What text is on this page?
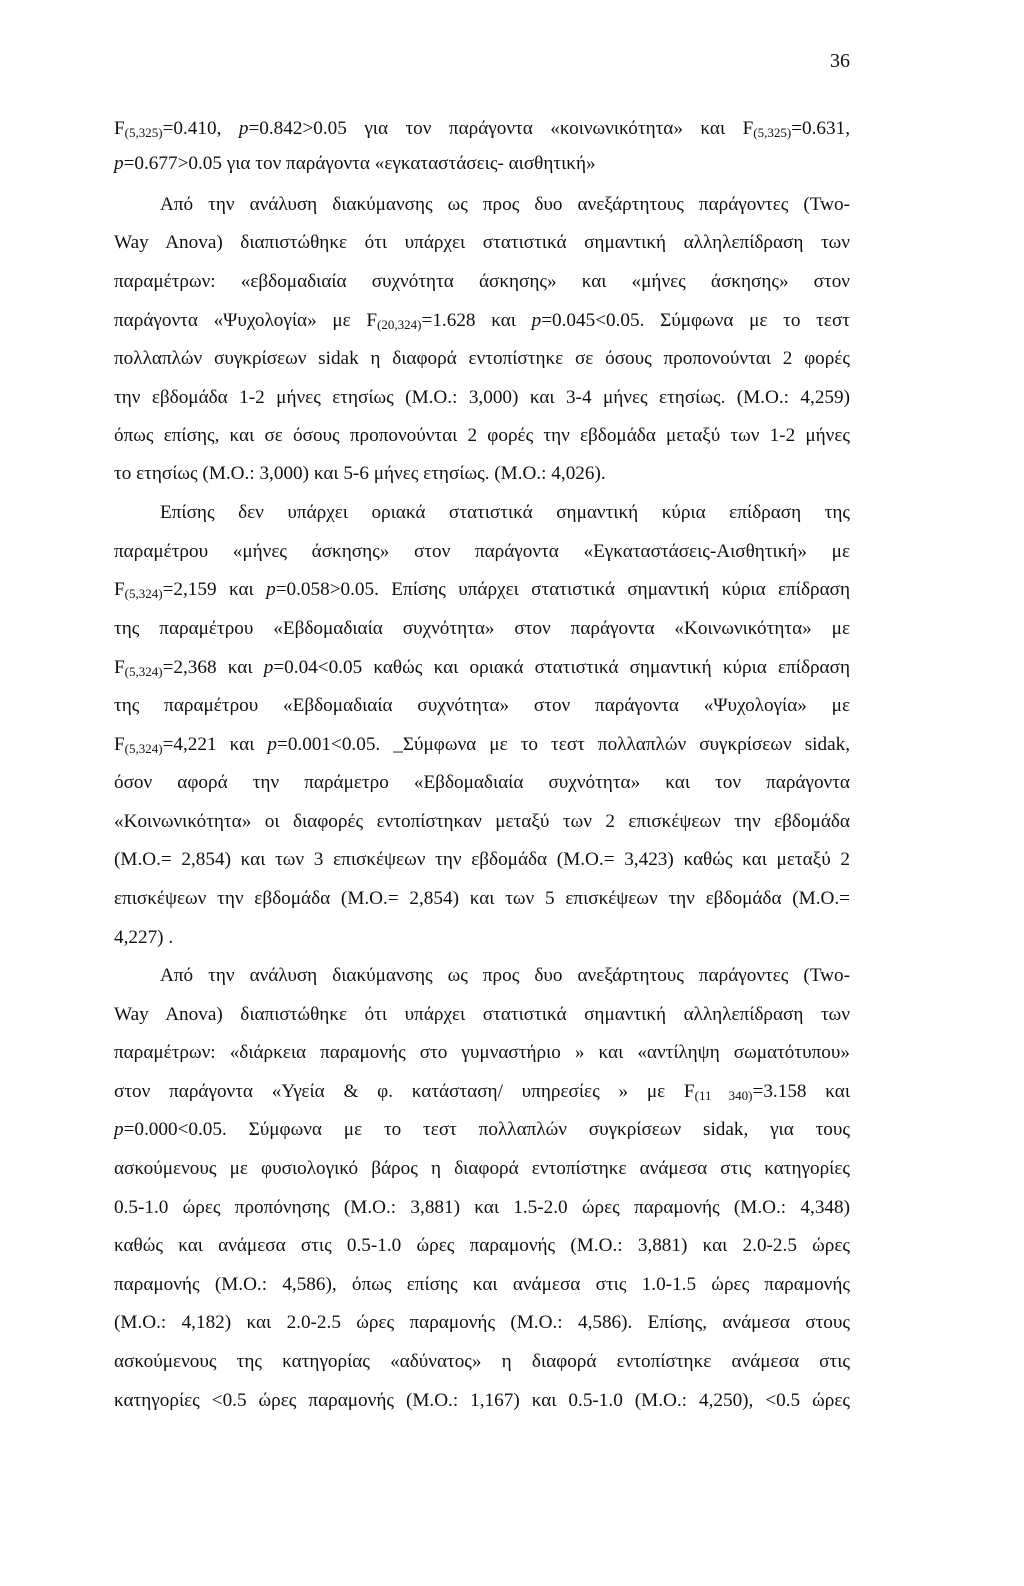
36
$F_{(5,325)}=0.410$, p=0.842>0.05 για τον παράγοντα «κοινωνικότητα» και $F_{(5,325)}=0.631$,
p=0.677>0.05 για τον παράγοντα «εγκαταστάσεις- αισθητική»
Από την ανάλυση διακύμανσης ως προς δυο ανεξάρτητους παράγοντες (Two-
Way Anova) διαπιστώθηκε ότι υπάρχει στατιστικά σημαντική αλληλεπίδραση των
παραμέτρων: «εβδομαδιαία συχνότητα άσκησης» και «μήνες άσκησης» στον
παράγοντα «Ψυχολογία» με $F_{(20,324)}=1.628$ και p=0.045<0.05. Σύμφωνα με το τεστ
πολλαπλών συγκρίσεων sidak η διαφορά εντοπίστηκε σε όσους προπονούνται 2 φορές
την εβδομάδα 1-2 μήνες ετησίως (Μ.Ο.: 3,000) και 3-4 μήνες ετησίως. (Μ.Ο.: 4,259)
όπως επίσης, και σε όσους προπονούνται 2 φορές την εβδομάδα μεταξύ των 1-2 μήνες
το ετησίως (Μ.Ο.: 3,000) και 5-6 μήνες ετησίως. (Μ.Ο.: 4,026).
Επίσης δεν υπάρχει οριακά στατιστικά σημαντική κύρια επίδραση της
παραμέτρου «μήνες άσκησης» στον παράγοντα «Εγκαταστάσεις-Αισθητική» με
$F_{(5,324)}=2,159$ και p=0.058>0.05. Επίσης υπάρχει στατιστικά σημαντική κύρια επίδραση
της παραμέτρου «Εβδομαδιαία συχνότητα» στον παράγοντα «Κοινωνικότητα» με
$F_{(5,324)}=2,368$ και p=0.04<0.05 καθώς και οριακά στατιστικά σημαντική κύρια επίδραση
της παραμέτρου «Εβδομαδιαία συχνότητα» στον παράγοντα «Ψυχολογία» με
$F_{(5,324)}=4,221$ και p=0.001<0.05. _Σύμφωνα με το τεστ πολλαπλών συγκρίσεων sidak,
όσον αφορά την παράμετρο «Εβδομαδιαία συχνότητα» και τον παράγοντα
«Κοινωνικότητα» οι διαφορές εντοπίστηκαν μεταξύ των 2 επισκέψεων την εβδομάδα
(Μ.Ο.= 2,854) και των 3 επισκέψεων την εβδομάδα (Μ.Ο.= 3,423) καθώς και μεταξύ 2
επισκέψεων την εβδομάδα (Μ.Ο.= 2,854) και των 5 επισκέψεων την εβδομάδα (Μ.Ο.=
4,227) .
Από την ανάλυση διακύμανσης ως προς δυο ανεξάρτητους παράγοντες (Two-
Way Anova) διαπιστώθηκε ότι υπάρχει στατιστικά σημαντική αλληλεπίδραση των
παραμέτρων: «διάρκεια παραμονής στο γυμναστήριο » και «αντίληψη σωματότυπου»
στον παράγοντα «Υγεία & φ. κατάσταση/ υπηρεσίες » με $F_{(11 340)}=3.158$ και
p=0.000<0.05. Σύμφωνα με το τεστ πολλαπλών συγκρίσεων sidak, για τους
ασκούμενους με φυσιολογικό βάρος η διαφορά εντοπίστηκε ανάμεσα στις κατηγορίες
0.5-1.0 ώρες προπόνησης (Μ.Ο.: 3,881) και 1.5-2.0 ώρες παραμονής (Μ.Ο.: 4,348)
καθώς και ανάμεσα στις 0.5-1.0 ώρες παραμονής (Μ.Ο.: 3,881) και 2.0-2.5 ώρες
παραμονής (Μ.Ο.: 4,586), όπως επίσης και ανάμεσα στις 1.0-1.5 ώρες παραμονής
(Μ.Ο.: 4,182) και 2.0-2.5 ώρες παραμονής (Μ.Ο.: 4,586). Επίσης, ανάμεσα στους
ασκούμενους της κατηγορίας «αδύνατος» η διαφορά εντοπίστηκε ανάμεσα στις
κατηγορίες <0.5 ώρες παραμονής (Μ.Ο.: 1,167) και 0.5-1.0 (Μ.Ο.: 4,250), <0.5 ώρες
